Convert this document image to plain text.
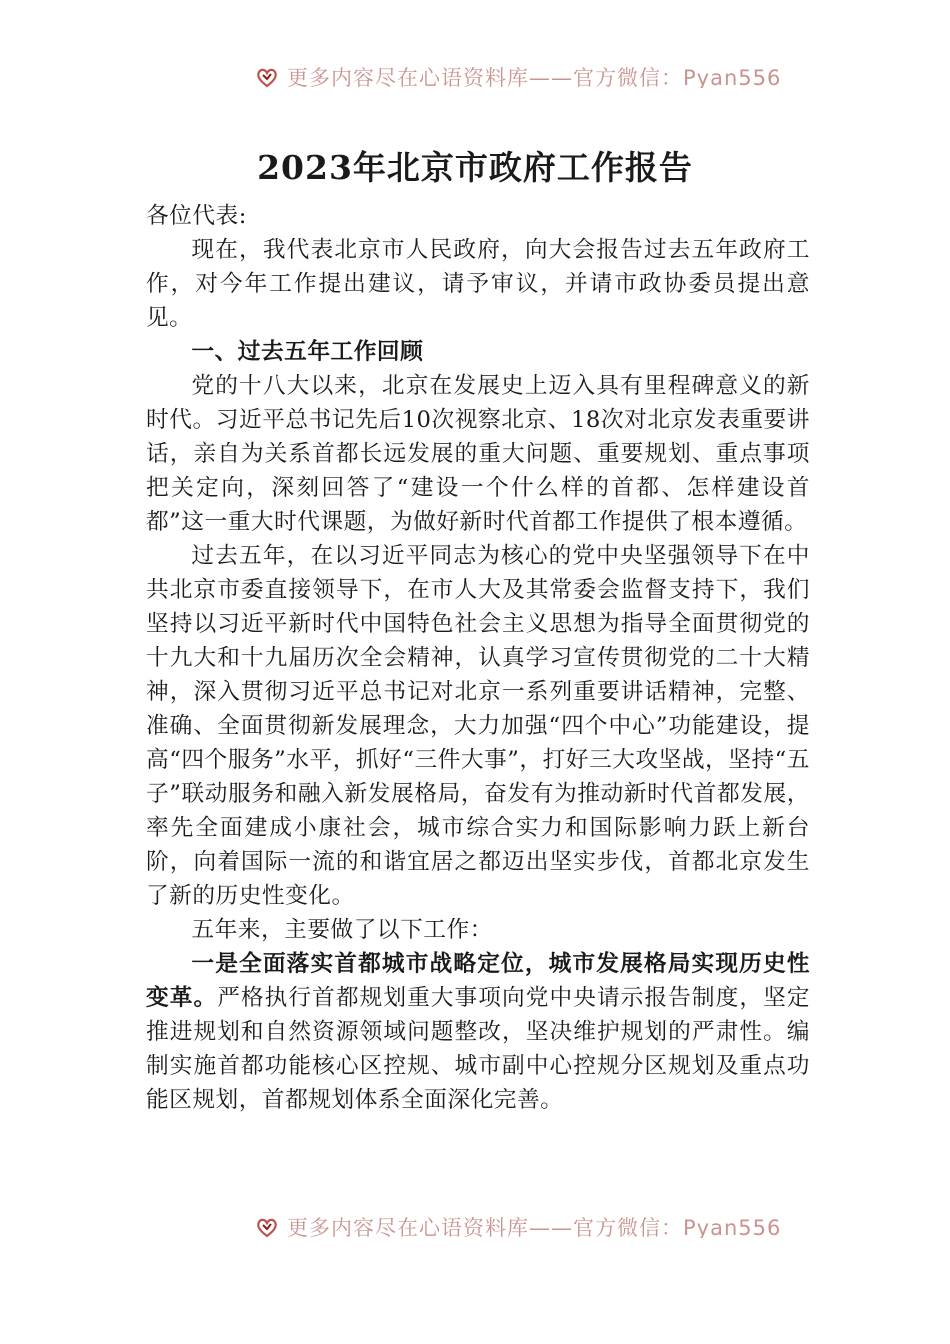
更多内容尽在心语资料库——官方微信：Pyan556
2023年北京市政府工作报告

各位代表:

现在，我代表北京市人民政府，向大会报告过去五年政府工作，对今年工作提出建议，请予审议，并请市政协委员提出意见。

一、过去五年工作回顾

党的十八大以来，北京在发展史上迈入具有里程碑意义的新时代。习近平总书记先后10次视察北京、18次对北京发表重要讲话，亲自为关系首都长远发展的重大问题、重要规划、重点事项把关定向，深刻回答了“建设一个什么样的首都、怎样建设首都”这一重大时代课题，为做好新时代首都工作提供了根本遵循。

过去五年，在以习近平同志为核心的党中央坚强领导下在中共北京市委直接领导下，在市人大及其常委会监督支持下，我们坚持以习近平新时代中国特色社会主义思想为指导全面贯彻党的十九大和十九届历次全会精神，认真学习宣传贯彻党的二十大精神，深入贯彻习近平总书记对北京一系列重要讲话精神，完整、准确、全面贯彻新发展理念，大力加强“四个中心”功能建设，提高“四个服务”水平，抓好“三件大事”，打好三大攻坚战，坚持“五子”联动服务和融入新发展格局，奋发有为推动新时代首都发展，率先全面建成小康社会，城市综合实力和国际影响力跃上新台阶，向着国际一流的和谐宜居之都迈出坚实步伐，首都北京发生了新的历史性变化。

五年来，主要做了以下工作：

一是全面落实首都城市战略定位，城市发展格局实现历史性变革。严格执行首都规划重大事项向党中央请示报告制度，坚定推进规划和自然资源领域问题整改，坚决维护规划的严肃性。编制实施首都功能核心区控规、城市副中心控规分区规划及重点功能区规划，首都规划体系全面深化完善。

更多内容尽在心语资料库——官方微信：Pyan556
